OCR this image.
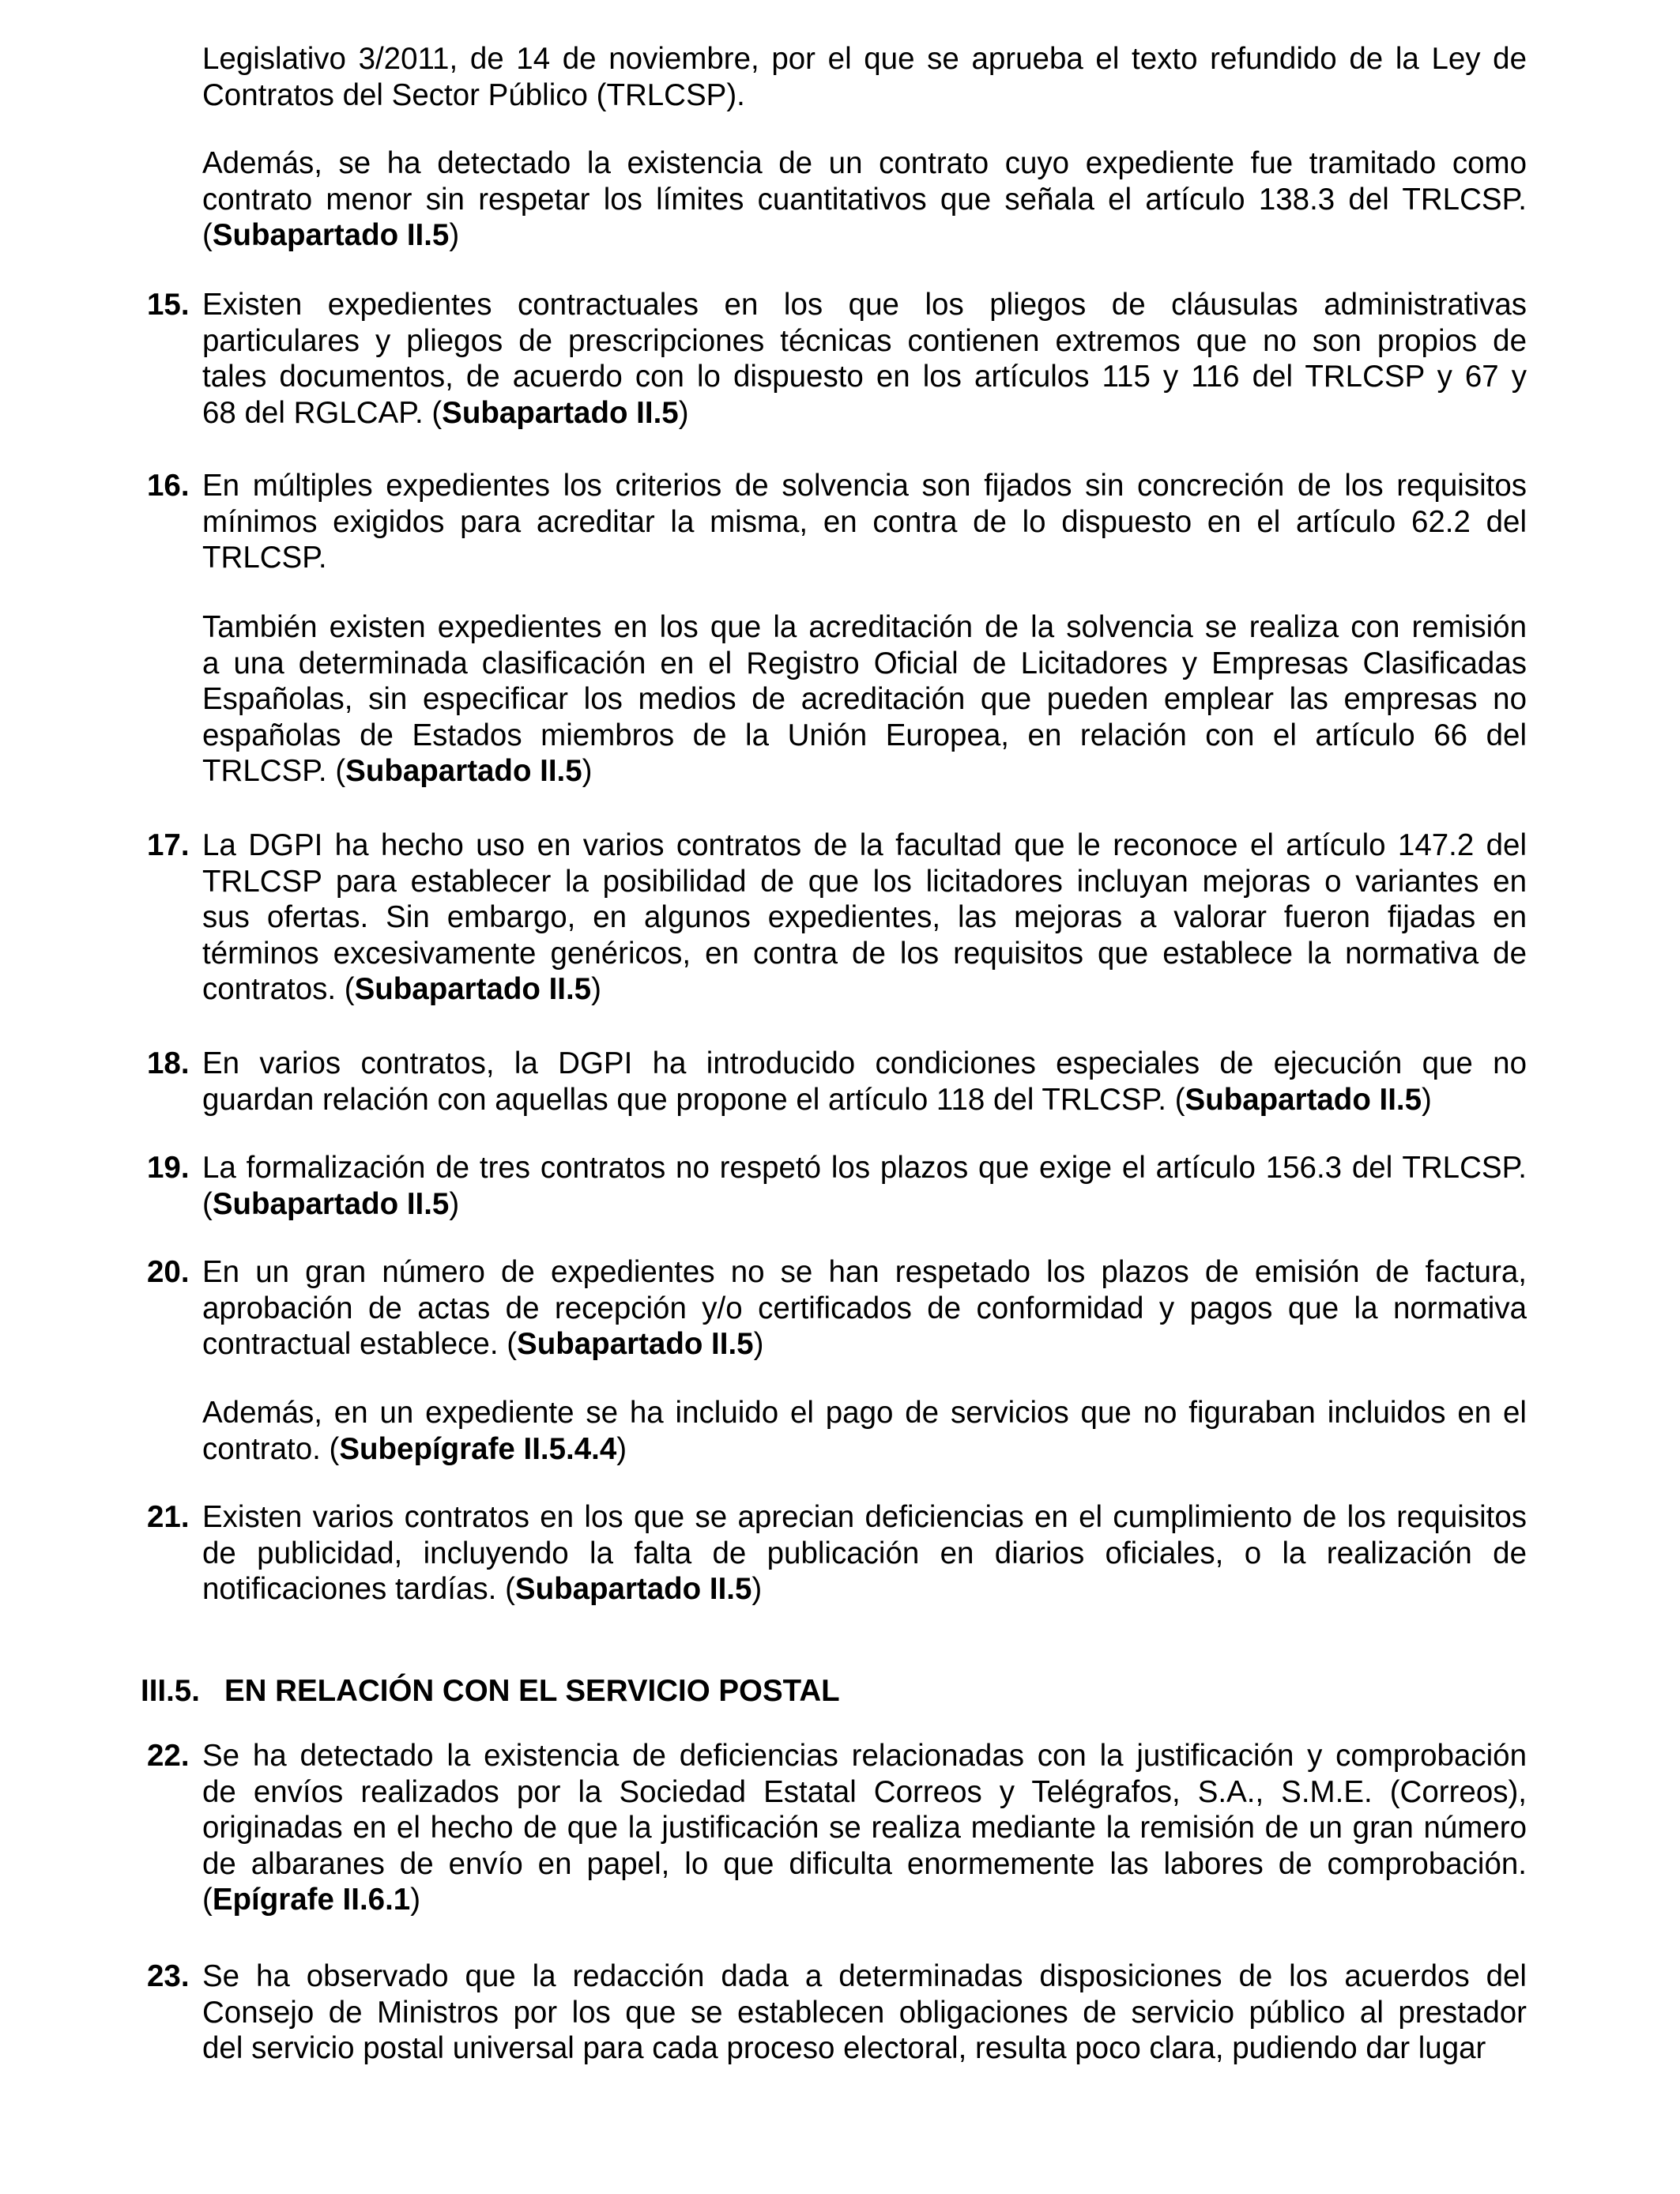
Legislativo 3/2011, de 14 de noviembre, por el que se aprueba el texto refundido de la Ley de
Contratos del Sector Público (TRLCSP).
Además, se ha detectado la existencia de un contrato cuyo expediente fue tramitado como
contrato menor sin respetar los límites cuantitativos que señala el artículo 138.3 del TRLCSP.
(Subapartado II.5)
15. Existen expedientes contractuales en los que los pliegos de cláusulas administrativas
particulares y pliegos de prescripciones técnicas contienen extremos que no son propios de
tales documentos, de acuerdo con lo dispuesto en los artículos 115 y 116 del TRLCSP y 67 y
68 del RGLCAP. (Subapartado II.5)
16. En múltiples expedientes los criterios de solvencia son fijados sin concreción de los requisitos
mínimos exigidos para acreditar la misma, en contra de lo dispuesto en el artículo 62.2 del
TRLCSP.
También existen expedientes en los que la acreditación de la solvencia se realiza con remisión
a una determinada clasificación en el Registro Oficial de Licitadores y Empresas Clasificadas
Españolas, sin especificar los medios de acreditación que pueden emplear las empresas no
españolas de Estados miembros de la Unión Europea, en relación con el artículo 66 del
TRLCSP. (Subapartado II.5)
17. La DGPI ha hecho uso en varios contratos de la facultad que le reconoce el artículo 147.2 del
TRLCSP para establecer la posibilidad de que los licitadores incluyan mejoras o variantes en
sus ofertas. Sin embargo, en algunos expedientes, las mejoras a valorar fueron fijadas en
términos excesivamente genéricos, en contra de los requisitos que establece la normativa de
contratos. (Subapartado II.5)
18. En varios contratos, la DGPI ha introducido condiciones especiales de ejecución que no
guardan relación con aquellas que propone el artículo 118 del TRLCSP. (Subapartado II.5)
19. La formalización de tres contratos no respetó los plazos que exige el artículo 156.3 del TRLCSP.
(Subapartado II.5)
20. En un gran número de expedientes no se han respetado los plazos de emisión de factura,
aprobación de actas de recepción y/o certificados de conformidad y pagos que la normativa
contractual establece. (Subapartado II.5)
Además, en un expediente se ha incluido el pago de servicios que no figuraban incluidos en el
contrato. (Subepígrafe II.5.4.4)
21. Existen varios contratos en los que se aprecian deficiencias en el cumplimiento de los requisitos
de publicidad, incluyendo la falta de publicación en diarios oficiales, o la realización de
notificaciones tardías. (Subapartado II.5)
22. Se ha detectado la existencia de deficiencias relacionadas con la justificación y comprobación
de envíos realizados por la Sociedad Estatal Correos y Telégrafos, S.A., S.M.E. (Correos),
originadas en el hecho de que la justificación se realiza mediante la remisión de un gran número
de albaranes de envío en papel, lo que dificulta enormemente las labores de comprobación.
(Epígrafe II.6.1)
23. Se ha observado que la redacción dada a determinadas disposiciones de los acuerdos del
Consejo de Ministros por los que se establecen obligaciones de servicio público al prestador
del servicio postal universal para cada proceso electoral, resulta poco clara, pudiendo dar lugar
III.5. EN RELACIÓN CON EL SERVICIO POSTAL
